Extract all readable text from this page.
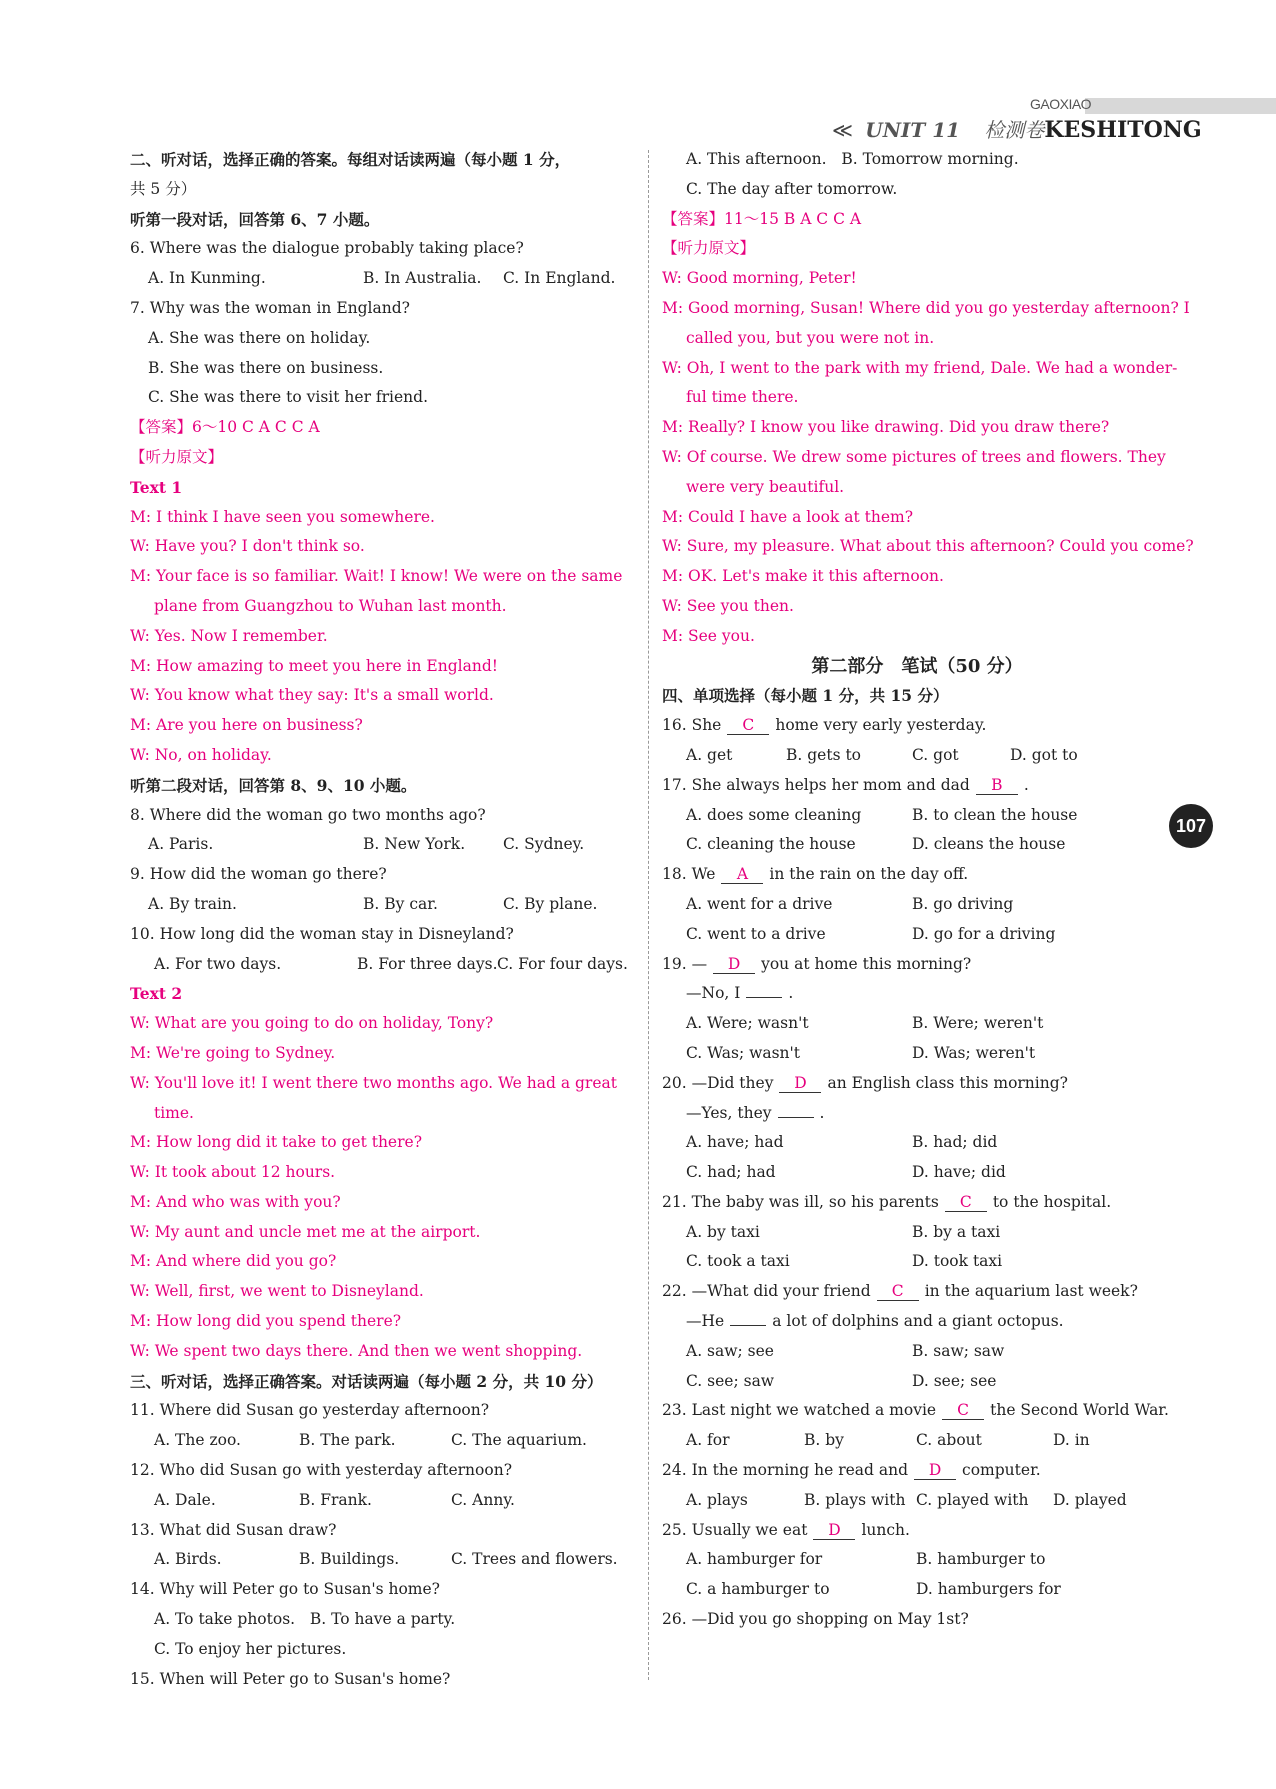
GAOXIAO
≪ UNIT 11 检测卷KESHITONG
二、听对话，选择正确的答案。每组对话读两遍（每小题 1 分，
共 5 分）
听第一段对话，回答第 6、7 小题。
6. Where was the dialogue probably taking place?
A. In Kunming.	B. In Australia. C. In England.
7. Why was the woman in England?
A. She was there on holiday.
B. She was there on business.
C. She was there to visit her friend.
【答案】6～10 C A C C A
【听力原文】
Text 1
M: I think I have seen you somewhere.
W: Have you? I don't think so.
M: Your face is so familiar. Wait! I know! We were on the same
plane from Guangzhou to Wuhan last month.
W: Yes. Now I remember.
M: How amazing to meet you here in England!
W: You know what they say: It's a small world.
M: Are you here on business?
W: No, on holiday.
听第二段对话，回答第 8、9、10 小题。
8. Where did the woman go two months ago?
A. Paris.	B. New York. C. Sydney.
9. How did the woman go there?
A. By train.	B. By car.	C. By plane.
10. How long did the woman stay in Disneyland?
A. For two days.	B. For three days.C. For four days.
Text 2
W: What are you going to do on holiday, Tony?
M: We're going to Sydney.
W: You'll love it! I went there two months ago. We had a great
time.
M: How long did it take to get there?
W: It took about 12 hours.
M: And who was with you?
W: My aunt and uncle met me at the airport.
M: And where did you go?
W: Well, first, we went to Disneyland.
M: How long did you spend there?
W: We spent two days there. And then we went shopping.
三、听对话，选择正确答案。对话读两遍（每小题 2 分，共 10 分）
11. Where did Susan go yesterday afternoon?
A. The zoo.	B. The park.	C. The aquarium.
12. Who did Susan go with yesterday afternoon?
A. Dale.	B. Frank.	C. Anny.
13. What did Susan draw?
A. Birds.	B. Buildings.	C. Trees and flowers.
14. Why will Peter go to Susan's home?
A. To take photos.   B. To have a party.
C. To enjoy her pictures.
15. When will Peter go to Susan's home?
A. This afternoon.   B. Tomorrow morning.
C. The day after tomorrow.
【答案】11～15 B A C C A
【听力原文】
W: Good morning, Peter!
M: Good morning, Susan! Where did you go yesterday afternoon? I
called you, but you were not in.
W: Oh, I went to the park with my friend, Dale. We had a wonder-
ful time there.
M: Really? I know you like drawing. Did you draw there?
W: Of course. We drew some pictures of trees and flowers. They
were very beautiful.
M: Could I have a look at them?
W: Sure, my pleasure. What about this afternoon? Could you come?
M: OK. Let's make it this afternoon.
W: See you then.
M: See you.
第二部分　笔试（50 分）
四、单项选择（每小题 1 分，共 15 分）
16. She C home very early yesterday.
A. get	B. gets to	C. got	D. got to
17. She always helps her mom and dad B .
A. does some cleaning	B. to clean the house
C. cleaning the house	D. cleans the house
18. We A in the rain on the day off.
A. went for a drive	B. go driving
C. went to a drive	D. go for a driving
19. — D you at home this morning?
—No, I	.
A. Were; wasn't	B. Were; weren't
C. Was; wasn't	D. Was; weren't
20. —Did they D an English class this morning?
—Yes, they	.
A. have; had	B. had; did
C. had; had	D. have; did
21. The baby was ill, so his parents C to the hospital.
A. by taxi	B. by a taxi
C. took a taxi	D. took taxi
22. —What did your friend C in the aquarium last week?
—He	a lot of dolphins and a giant octopus.
A. saw; see	B. saw; saw
C. see; saw	D. see; see
23. Last night we watched a movie C the Second World War.
A. for	B. by	C. about	D. in
24. In the morning he read and D computer.
A. plays	B. plays with C. played with D. played
25. Usually we eat D lunch.
A. hamburger for	B. hamburger to
C. a hamburger to	D. hamburgers for
26. —Did you go shopping on May 1st?
107
